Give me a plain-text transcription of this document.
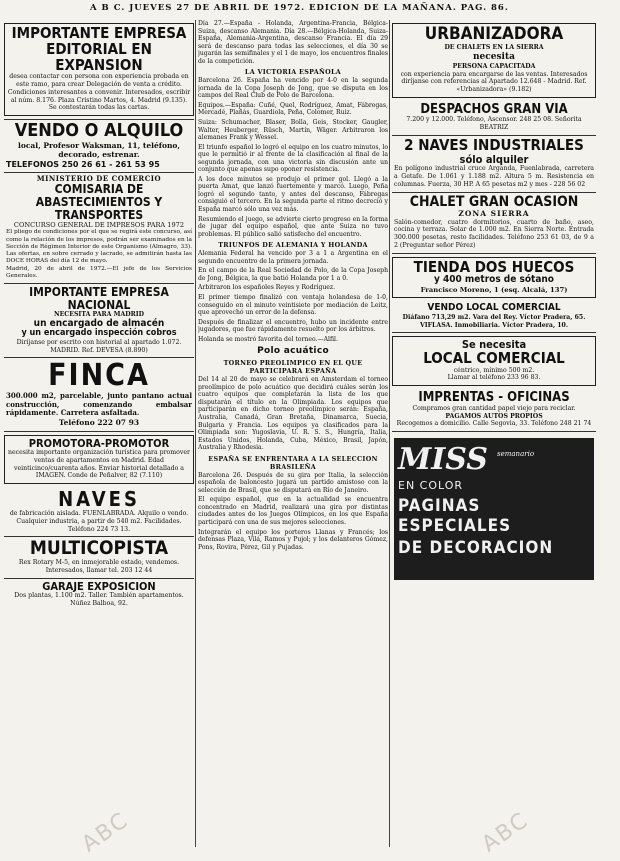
A B C. JUEVES 27 DE ABRIL DE 1972. EDICION DE LA MAÑANA. PAG. 86.
IMPORTANTE EMPRESA EDITORIAL EN EXPANSION
desea contactar con persona con experiencia probada en este ramo, para crear Delegación de venta a crédito. Condiciones interesantes a convenir. Interesados, escribir al núm. 8.176. Plaza Cristino Martos, 4. Madrid (9.135). Se contestarán todas las cartas.
VENDO O ALQUILO
local, Profesor Waksman, 11, teléfono, decorado, estrenar.
TELEFONOS 250 26 61 - 261 53 95
MINISTERIO DE COMERCIO
COMISARIA DE ABASTECIMIENTOS Y TRANSPORTES
CONCURSO GENERAL DE IMPRESOS PARA 1972
El pliego de condiciones por el que se regirá este concurso, así como la relación de los impresos, podrán ser examinados en la Sección de Régimen Interior de este Organismo (Almagro, 33). Las ofertas, en sobre cerrado y lacrado, se admitirán hasta las DOCE HORAS del día 12 de mayo.
Madrid, 20 de abril de 1972.—El jefe de los Servicios Generales.
IMPORTANTE EMPRESA NACIONAL
NECESITA PARA MADRID
un encargado de almacén
y un encargado inspección cobros
Diríjanse por escrito con historial al apartado 1.072. MADRID. Ref. DEVESA (8.890)
FINCA
300.000 m2, parcelable, junto pantano actual construcción, comenzando embalsar rápidamente. Carretera asfaltada.
Teléfono 222 07 93
PROMOTORA-PROMOTOR
necesita importante organización turística para promover ventas de apartamentos en Madrid. Edad veinticinco/cuarenta años. Enviar historial detallado a IMAGEN. Conde de Peñalver, 82 (7.110)
NAVES
de fabricación aislada. FUENLABRADA. Alquilo o vendo. Cualquier industria, a partir de 540 m2. Facilidades. Teléfono 224 73 13.
MULTICOPISTA
Rex Rotary M-5, en inmejorable estado, vendemos. Interesados, llamar tel. 203 12 44
GARAJE EXPOSICION
Dos plantas, 1.100 m2. Taller. También apartamentos. Núñez Balboa, 92.

Día 27.—España - Holanda, Argentina-Francia, Bélgica-Suiza, descanso Alemania. Día 28.—Bélgica-Holanda, Suiza-España, Alemania-Argentina, descanso Francia. El día 29 será de descanso para todas las selecciones, el día 30 se jugarán las semifinales y el 1 de mayo, los encuentros finales de la competición.

LA VICTORIA ESPAÑOLA

Barcelona 26. España ha vencido por 4-0 en la segunda jornada de la Copa Joseph de Jong, que se disputa en los campos del Real Club de Polo de Barcelona.

Equipos.—España: Cuñé, Quel, Rodríguez, Amat, Fábregas, Mercadé, Plañás, Guardiola, Peña, Colomer, Ruiz.

Suiza: Schumacher, Blaser, Bolla, Geis, Stocker, Gaugler, Walter, Heuberger, Rüsch, Martín, Wäger. Arbitraron los alemanes Frank y Wessel.

El triunfo español lo logró el equipo en los cuatro minutos, lo que le permitió ir al frente de la clasificación al final de la segunda jornada, con una victoria sin discusión ante un conjunto que apenas supo oponer resistencia.

A los doce minutos se produjo el primer gol. Llegó a la puerta Amat, que lanzó fuertemente y marcó. Luego, Peña logró el segundo tanto, y antes del descanso, Fábregas consiguió el tercero. En la segunda parte el ritmo decreció y España marcó sólo una vez más.

Resumiendo el juego, se advierte cierto progreso en la forma de jugar del equipo español, que ante Suiza no tuvo problemas. El público salió satisfecho del encuentro.

TRIUNFOS DE ALEMANIA Y HOLANDA

Alemania Federal ha vencido por 3 a 1 a Argentina en el segundo encuentro de la primera jornada.

En el campo de la Real Sociedad de Polo, de la Copa Joseph de Jong, Bélgica, la que batió Holanda por 1 a 0.

Arbitraron los españoles Reyes y Rodríguez.

El primer tiempo finalizó con ventaja holandesa de 1-0, conseguido en el minuto veintisiete por mediación de Leitz, que aprovechó un error de la defensa.

Después de finalizar el encuentro, hubo un incidente entre jugadores, que fue rápidamente resuelto por los árbitros.

Holanda se mostró favorita del torneo.—Alfil.

Polo acuático
TORNEO PREOLIMPICO EN EL QUE PARTICIPARA ESPAÑA

Del 14 al 20 de mayo se celebrará en Amsterdam el torneo preolímpico de polo acuático que decidirá cuáles serán los cuatro equipos que completarán la lista de los que disputarán el título en la Olimpiada. Los equipos que participarán en dicho torneo preolímpico serán: España, Australia, Canadá, Gran Bretaña, Dinamarca, Suecia, Bulgaria y Francia. Los equipos ya clasificados para la Olimpiada son: Yugoslavia, U. R. S. S., Hungría, Italia, Estados Unidos, Holanda, Cuba, México, Brasil, Japón, Australia y Rhodesia.

ESPAÑA SE ENFRENTARA A LA SELECCION BRASILEÑA

Barcelona 26. Después de su gira por Italia, la selección española de baloncesto jugará un partido amistoso con la selección de Brasil, que se disputará en Río de Janeiro.

El equipo español, que en la actualidad se encuentra concentrado en Madrid, realizará una gira por distintas ciudades antes de los Juegos Olímpicos, en los que España participará con una de sus mejores selecciones.

Integrarán el equipo los porteros Llanas y Francés; los defensas Plaza, Vilá, Ramos y Pujol; y los delanteros Gómez, Pons, Rovira, Pérez, Gil y Pujadas.

URBANIZADORA
DE CHALETS EN LA SIERRA
necesita
PERSONA CAPACITADA
con experiencia para encargarse de las ventas. Interesados diríjanse con referencias al Apartado 12.648 - Madrid. Ref. «Urbanizadora» (9.182)
DESPACHOS GRAN VIA
7.200 y 12.000. Teléfono, Ascensor. 248 25 08. Señorita BEATRIZ
2 NAVES INDUSTRIALES
sólo alquiler
En polígono industrial cruce Arganda, Fuenlabrada, carretera a Getafe. De 1.061 y 1.188 m2. Altura 5 m. Resistencia en columnas. Fuerza, 30 HP. A 65 pesetas m2 y mes - 228 56 02
CHALET GRAN OCASION
ZONA SIERRA
Salón-comedor, cuatro dormitorios, cuarto de baño, aseo, cocina y terraza. Solar de 1.000 m2. En Sierra Norte. Entrada 300.000 pesetas, resto facilidades. Teléfono 253 61 03, de 9 a 2 (Preguntar señor Pérez)
TIENDA DOS HUECOS
y 400 metros de sótano
Francisco Moreno, 1 (esq. Alcalá, 137)
VENDO LOCAL COMERCIAL
Diáfano 713,29 m2. Vara del Rey. Víctor Pradera, 65. VIFLASA. Inmobiliaria. Víctor Pradera, 10.
Se necesita
LOCAL COMERCIAL
céntrico, mínimo 500 m2.
Llamar al teléfono 233 96 83.
IMPRENTAS - OFICINAS
Compramos gran cantidad papel viejo para reciclar.
PAGAMOS AUTOS PROPIOS
Recogemos a domicilio. Calle Segovia, 33. Teléfono 248 21 74
MISS semanario
EN COLOR
PAGINAS ESPECIALES
DE DECORACION
ABC	ABC
